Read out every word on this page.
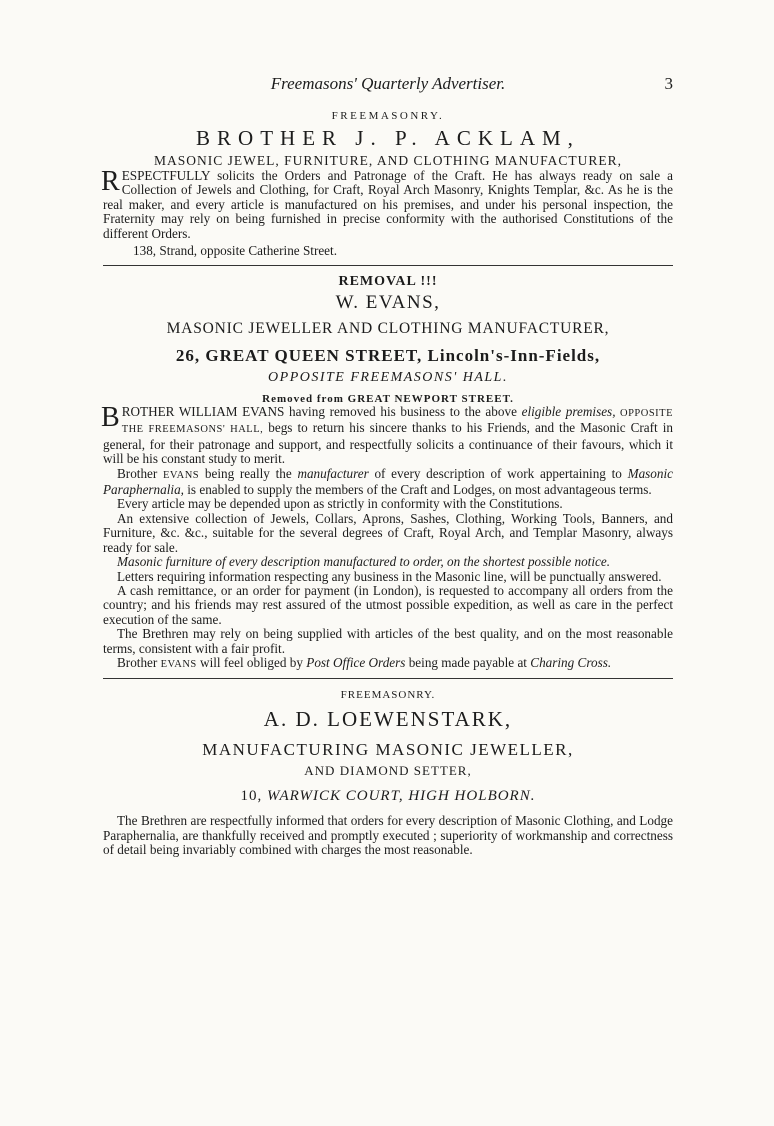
Freemasons' Quarterly Advertiser.	3
FREEMASONRY.
BROTHER J. P. ACKLAM,
MASONIC JEWEL, FURNITURE, AND CLOTHING MANUFACTURER,

RESPECTFULLY solicits the Orders and Patronage of the Craft. He has always ready on sale a Collection of Jewels and Clothing, for Craft, Royal Arch Masonry, Knights Templar, &c. As he is the real maker, and every article is manufactured on his premises, and under his personal inspection, the Fraternity may rely on being furnished in precise conformity with the authorised Constitutions of the different Orders.

138, Strand, opposite Catherine Street.
REMOVAL !!!
W. EVANS,
MASONIC JEWELLER AND CLOTHING MANUFACTURER,
26, GREAT QUEEN STREET, Lincoln's-Inn-Fields,
OPPOSITE FREEMASONS' HALL.
Removed from GREAT NEWPORT STREET.

BROTHER WILLIAM EVANS having removed his business to the above eligible premises, OPPOSITE THE FREEMASONS' HALL, begs to return his sincere thanks to his Friends, and the Masonic Craft in general, for their patronage and support, and respectfully solicits a continuance of their favours, which it will be his constant study to merit.

Brother EVANS being really the manufacturer of every description of work appertaining to Masonic Paraphernalia, is enabled to supply the members of the Craft and Lodges, on most advantageous terms.

Every article may be depended upon as strictly in conformity with the Constitutions.

An extensive collection of Jewels, Collars, Aprons, Sashes, Clothing, Working Tools, Banners, and Furniture, &c. &c., suitable for the several degrees of Craft, Royal Arch, and Templar Masonry, always ready for sale.

Masonic furniture of every description manufactured to order, on the shortest possible notice.

Letters requiring information respecting any business in the Masonic line, will be punctually answered.

A cash remittance, or an order for payment (in London), is requested to accompany all orders from the country; and his friends may rest assured of the utmost possible expedition, as well as care in the perfect execution of the same.

The Brethren may rely on being supplied with articles of the best quality, and on the most reasonable terms, consistent with a fair profit.

Brother EVANS will feel obliged by Post Office Orders being made payable at Charing Cross.

FREEMASONRY.
A. D. LOEWENSTARK,
MANUFACTURING MASONIC JEWELLER,
AND DIAMOND SETTER,
10, WARWICK COURT, HIGH HOLBORN.

The Brethren are respectfully informed that orders for every description of Masonic Clothing, and Lodge Paraphernalia, are thankfully received and promptly executed ; superiority of workmanship and correctness of detail being invariably combined with charges the most reasonable.
